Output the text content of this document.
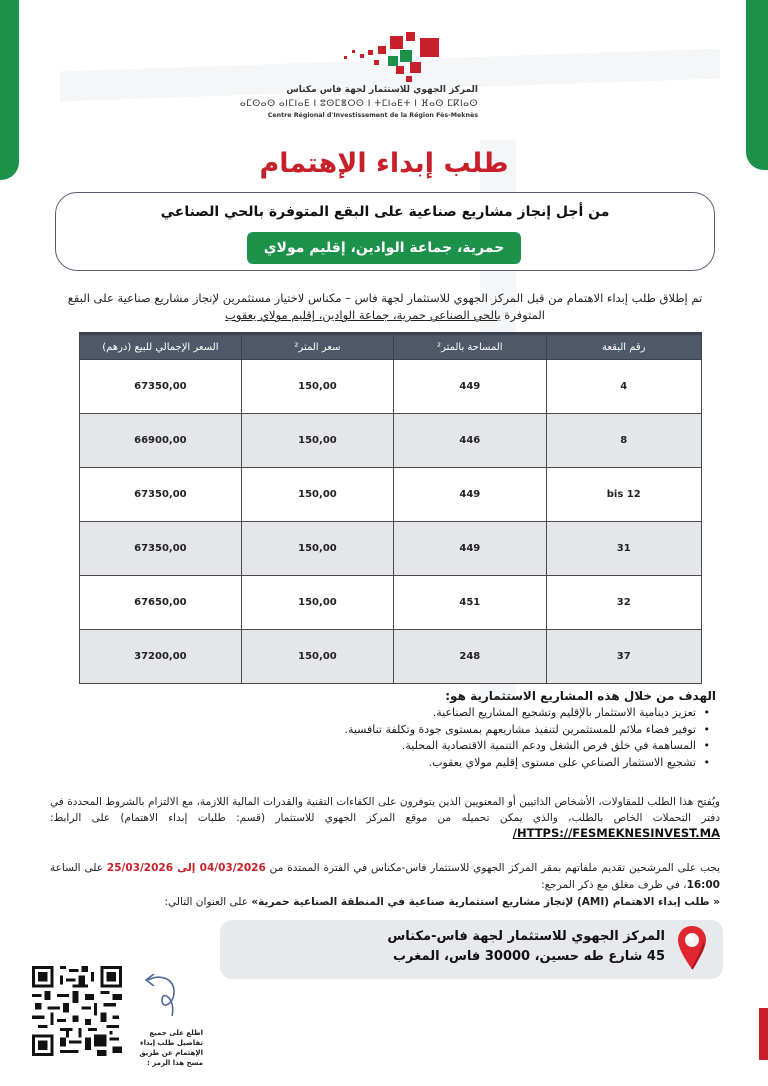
المركز الجهوي للاستثمار لجهة فاس مكناس
ⴰⵎⵙⴰⵙ ⴰⵏⵎⵏⴰⴹ ⵏ ⵓⵙⵎⴻⵔⵙ ⵏ ⵜⵎⵏⴰⴹⵜ ⵏ ⴼⴰⵙ ⵎⴽⵏⴰⵙ
Centre Régional d'Investissement de la Région Fès-Meknès
طلب إبداء الإهتمام
من أجل إنجاز مشاريع صناعية على البقع المتوفرة بالحي الصناعي
حمرية، جماعة الوادين، إقليم مولاي يعقوب
تم إطلاق طلب إبداء الاهتمام من قبل المركز الجهوي للاستثمار لجهة فاس – مكناس لاختيار مستثمرين لإنجاز مشاريع صناعية على البقع المتوفرة بالحي الصناعي حمرية، جماعة الوادين، إقليم مولاي يعقوب
رقم البقعة	المساحة بالمتر²	سعر المتر²	السعر الإجمالي للبيع (درهم)
4	449	150,00	67350,00
8	446	150,00	66900,00
12 bis	449	150,00	67350,00
31	449	150,00	67350,00
32	451	150,00	67650,00
37	248	150,00	37200,00
الهدف من خلال هذه المشاريع الاستثمارية هو:
• تعزيز دينامية الاستثمار بالإقليم وتشجيع المشاريع الصناعية.
• توفير فضاء ملائم للمستثمرين لتنفيذ مشاريعهم بمستوى جودة وتكلفة تنافسية.
• المساهمة في خلق فرص الشغل ودعم التنمية الاقتصادية المحلية.
• تشجيع الاستثمار الصناعي على مستوى إقليم مولاي يعقوب.
ويُفتح هذا الطلب للمقاولات، الأشخاص الذاتيين أو المعنويين الذين يتوفرون على الكفاءات التقنية والقدرات المالية اللازمة، مع الالتزام بالشروط المحددة في دفتر التحملات الخاص بالطلب، والذي يمكن تحميله من موقع المركز الجهوي للاستثمار (قسم: طلبات إبداء الاهتمام) على الرابط: HTTPS://FESMEKNESINVEST.MA/
يجب على المرشحين تقديم ملفاتهم بمقر المركز الجهوي للاستثمار فاس-مكناس في الفترة الممتدة من 04/03/2026 إلى 25/03/2026 على الساعة 16:00، في ظرف مغلق مع ذكر المرجع:
« طلب إبداء الاهتمام (AMI) لإنجاز مشاريع استثمارية صناعية في المنطقة الصناعية حمرية» على العنوان التالي:
المركز الجهوي للاستثمار لجهة فاس-مكناس
45 شارع طه حسين، 30000 فاس، المغرب
اطلع على جميع تفاصيل طلب إبداء الإهتمام عن طريق مسح هذا الرمز :
